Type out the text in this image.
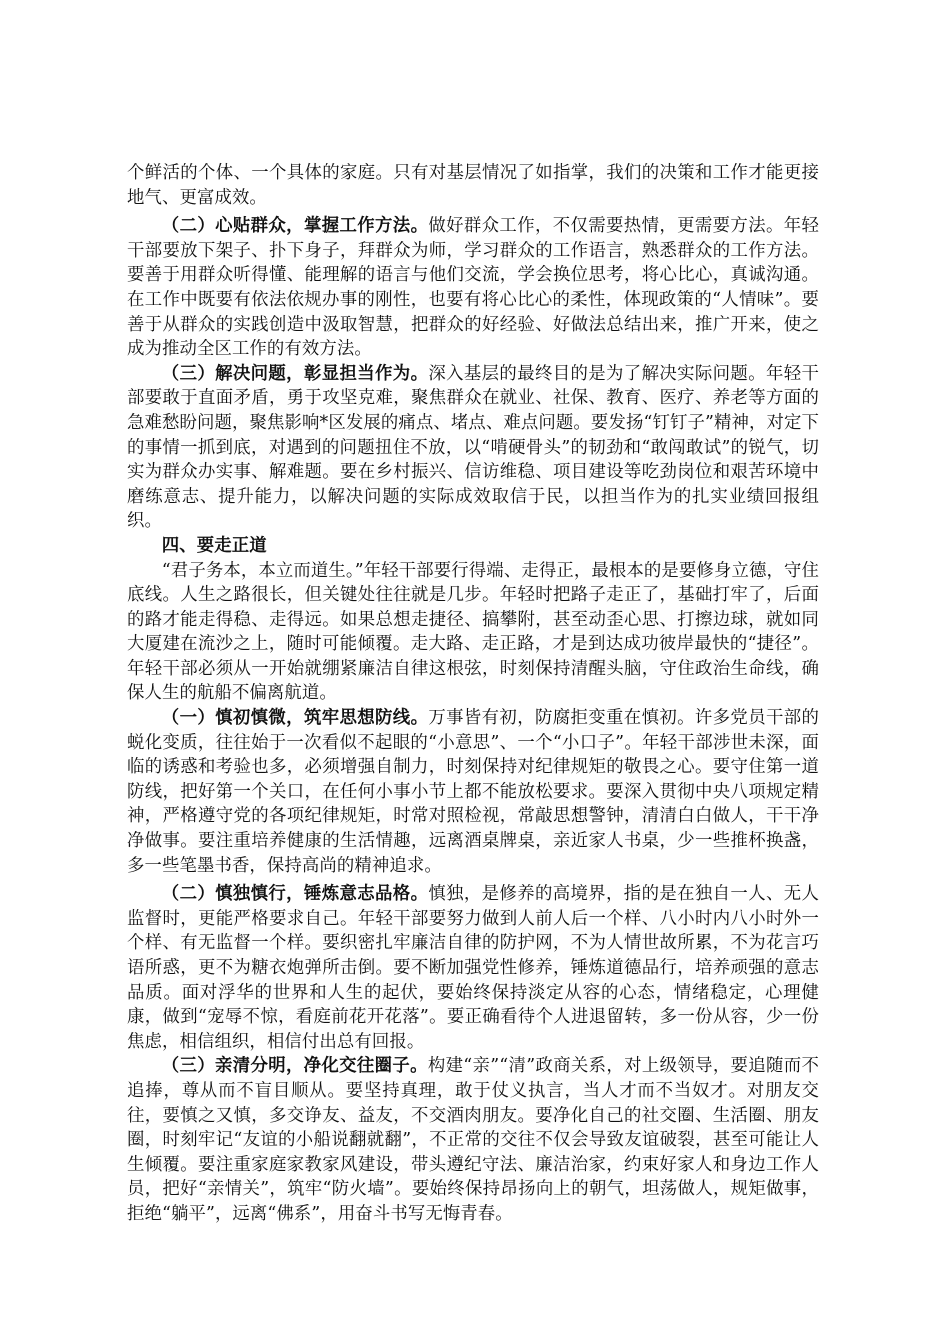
个鲜活的个体、一个具体的家庭。只有对基层情况了如指掌，我们的决策和工作才能更接地气、更富成效。

（二）心贴群众，掌握工作方法。做好群众工作，不仅需要热情，更需要方法。年轻干部要放下架子、扑下身子，拜群众为师，学习群众的工作语言，熟悉群众的工作方法。要善于用群众听得懂、能理解的语言与他们交流，学会换位思考，将心比心，真诚沟通。在工作中既要有依法依规办事的刚性，也要有将心比心的柔性，体现政策的“人情味”。要善于从群众的实践创造中汲取智慧，把群众的好经验、好做法总结出来，推广开来，使之成为推动全区工作的有效方法。

（三）解决问题，彰显担当作为。深入基层的最终目的是为了解决实际问题。年轻干部要敢于直面矛盾，勇于攻坚克难，聚焦群众在就业、社保、教育、医疗、养老等方面的急难愁盼问题，聚焦影响*区发展的痛点、堵点、难点问题。要发扬“钉钉子”精神，对定下的事情一抓到底，对遇到的问题扭住不放，以“啃硬骨头”的韧劲和“敢闯敢试”的锐气，切实为群众办实事、解难题。要在乡村振兴、信访维稳、项目建设等吃劲岗位和艰苦环境中磨练意志、提升能力，以解决问题的实际成效取信于民，以担当作为的扎实业绩回报组织。

四、要走正道

“君子务本，本立而道生。”年轻干部要行得端、走得正，最根本的是要修身立德，守住底线。人生之路很长，但关键处往往就是几步。年轻时把路子走正了，基础打牢了，后面的路才能走得稳、走得远。如果总想走捷径、搞攀附，甚至动歪心思、打擦边球，就如同大厦建在流沙之上，随时可能倾覆。走大路、走正路，才是到达成功彼岸最快的“捷径”。年轻干部必须从一开始就绷紧廉洁自律这根弦，时刻保持清醒头脑，守住政治生命线，确保人生的航船不偏离航道。

（一）慎初慎微，筑牢思想防线。万事皆有初，防腐拒变重在慎初。许多党员干部的蜕化变质，往往始于一次看似不起眼的“小意思”、一个“小口子”。年轻干部涉世未深，面临的诱惑和考验也多，必须增强自制力，时刻保持对纪律规矩的敬畏之心。要守住第一道防线，把好第一个关口，在任何小事小节上都不能放松要求。要深入贯彻中央八项规定精神，严格遵守党的各项纪律规矩，时常对照检视，常敲思想警钟，清清白白做人，干干净净做事。要注重培养健康的生活情趣，远离酒桌牌桌，亲近家人书桌，少一些推杯换盏，多一些笔墨书香，保持高尚的精神追求。

（二）慎独慎行，锤炼意志品格。慎独，是修养的高境界，指的是在独自一人、无人监督时，更能严格要求自己。年轻干部要努力做到人前人后一个样、八小时内八小时外一个样、有无监督一个样。要织密扎牢廉洁自律的防护网，不为人情世故所累，不为花言巧语所惑，更不为糖衣炮弹所击倒。要不断加强党性修养，锤炼道德品行，培养顽强的意志品质。面对浮华的世界和人生的起伏，要始终保持淡定从容的心态，情绪稳定，心理健康，做到“宠辱不惊，看庭前花开花落”。要正确看待个人进退留转，多一份从容，少一份焦虑，相信组织，相信付出总有回报。

（三）亲清分明，净化交往圈子。构建“亲”“清”政商关系，对上级领导，要追随而不追捧，尊从而不盲目顺从。要坚持真理，敢于仗义执言，当人才而不当奴才。对朋友交往，要慎之又慎，多交诤友、益友，不交酒肉朋友。要净化自己的社交圈、生活圈、朋友圈，时刻牢记“友谊的小船说翻就翻”，不正常的交往不仅会导致友谊破裂，甚至可能让人生倾覆。要注重家庭家教家风建设，带头遵纪守法、廉洁治家，约束好家人和身边工作人员，把好“亲情关”，筑牢“防火墙”。要始终保持昂扬向上的朝气，坦荡做人，规矩做事，拒绝“躺平”，远离“佛系”，用奋斗书写无悔青春。
